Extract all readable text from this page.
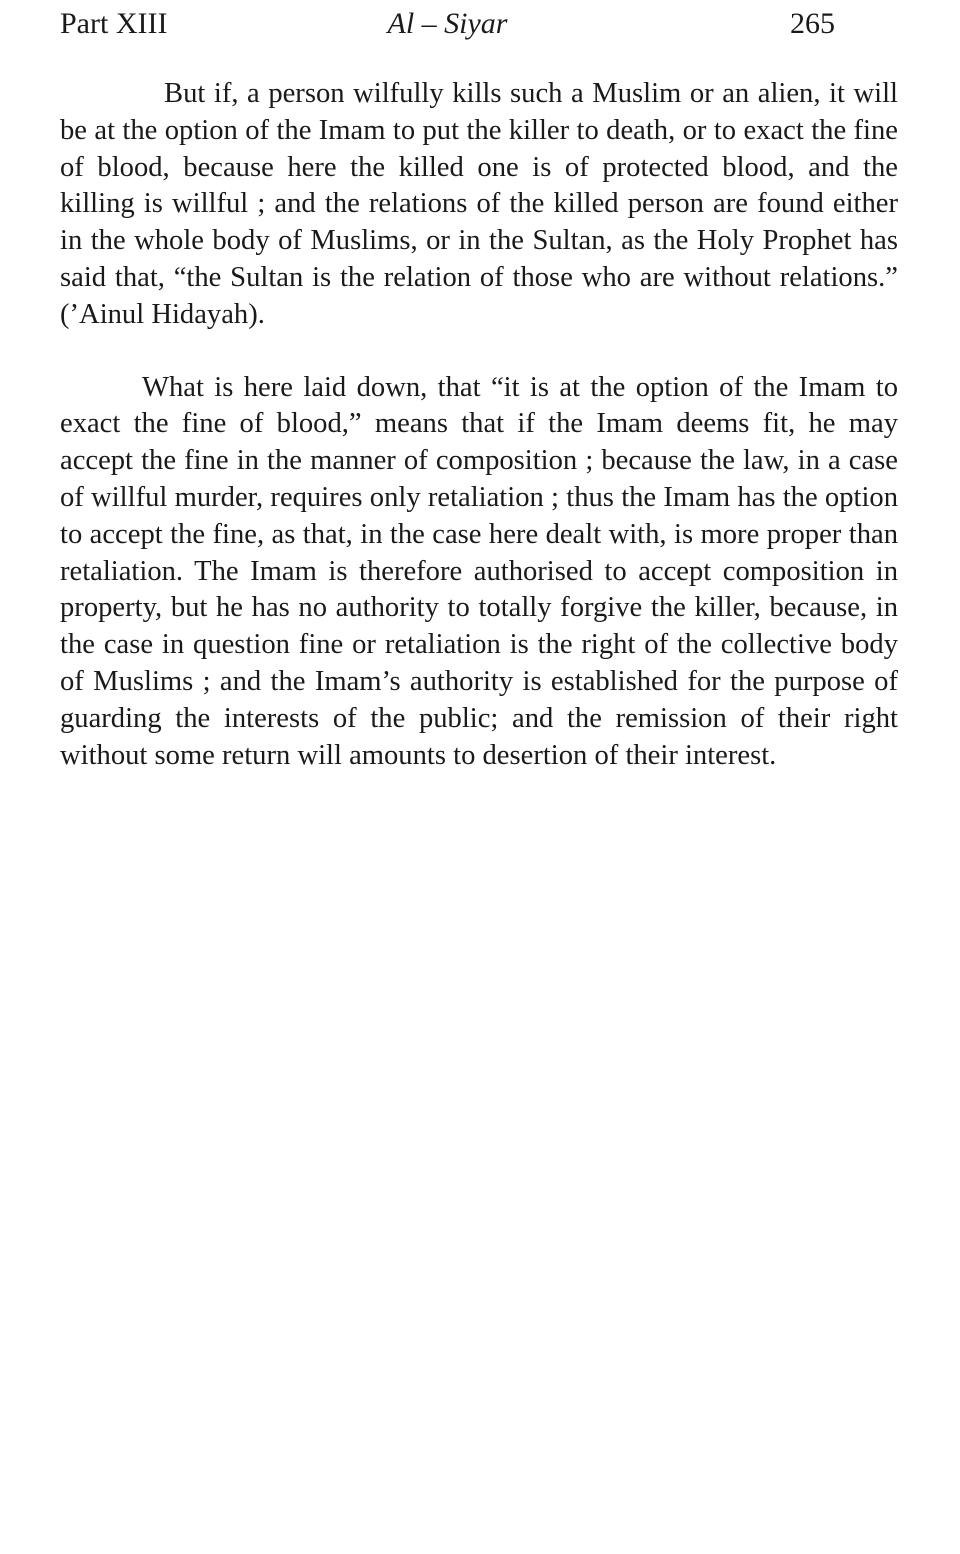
Part XIII	Al – Siyar	265

But if, a person wilfully kills such a Muslim or an alien, it will be at the option of the Imam to put the killer to death, or to exact the fine of blood, because here the killed one is of protected blood, and the killing is willful ; and the relations of the killed person are found either in the whole body of Muslims, or in the Sultan, as the Holy Prophet has said that, “the Sultan is the relation of those who are without relations.” (’Ainul Hidayah).

What is here laid down, that “it is at the option of the Imam to exact the fine of blood,” means that if the Imam deems fit, he may accept the fine in the manner of composition ; because the law, in a case of willful murder, requires only retaliation ; thus the Imam has the option to accept the fine, as that, in the case here dealt with, is more proper than retaliation. The Imam is therefore authorised to accept composition in property, but he has no authority to totally forgive the killer, because, in the case in question fine or retaliation is the right of the collective body of Muslims ; and the Imam’s authority is established for the purpose of guarding the interests of the public; and the remission of their right without some return will amounts to desertion of their interest.
